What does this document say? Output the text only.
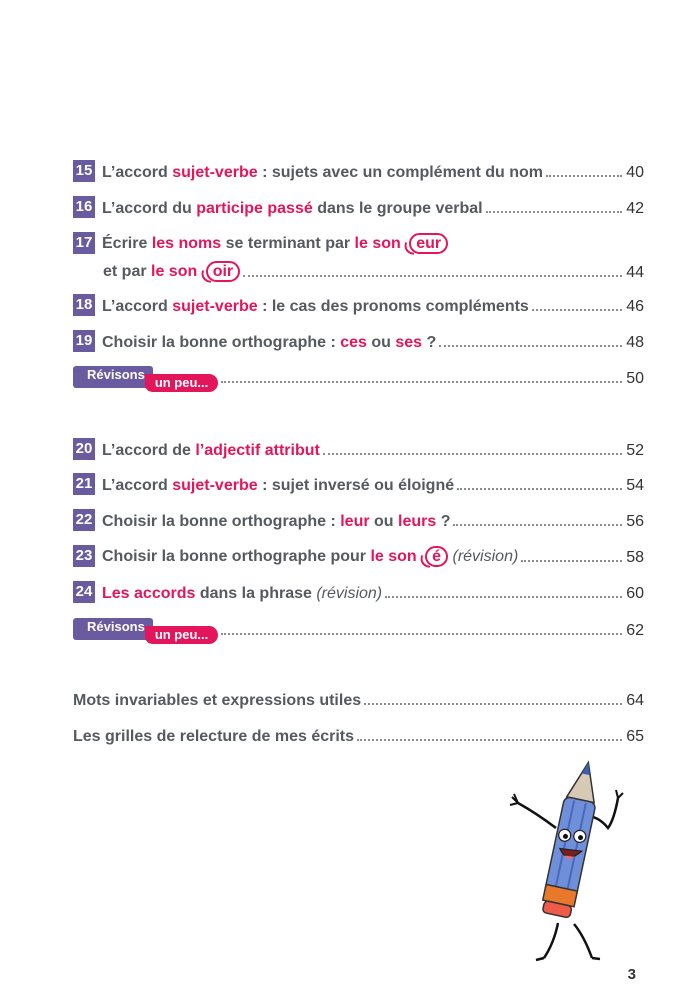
15 L’accord sujet-verbe : sujets avec un complément du nom	40
16 L’accord du participe passé dans le groupe verbal	42
17 Écrire les noms se terminant par le son eur
et par le son oir	44
18 L’accord sujet-verbe : le cas des pronoms compléments	46
19 Choisir la bonne orthographe : ces ou ses ?	48
Révisons
un peu...	50
20 L’accord de l’adjectif attribut	52
21 L’accord sujet-verbe : sujet inversé ou éloigné	54
22 Choisir la bonne orthographe : leur ou leurs ?	56
23 Choisir la bonne orthographe pour le son é (révision)	58
24 Les accords dans la phrase (révision)	60
Révisons
un peu...	62
Mots invariables et expressions utiles	64
Les grilles de relecture de mes écrits	65
3
